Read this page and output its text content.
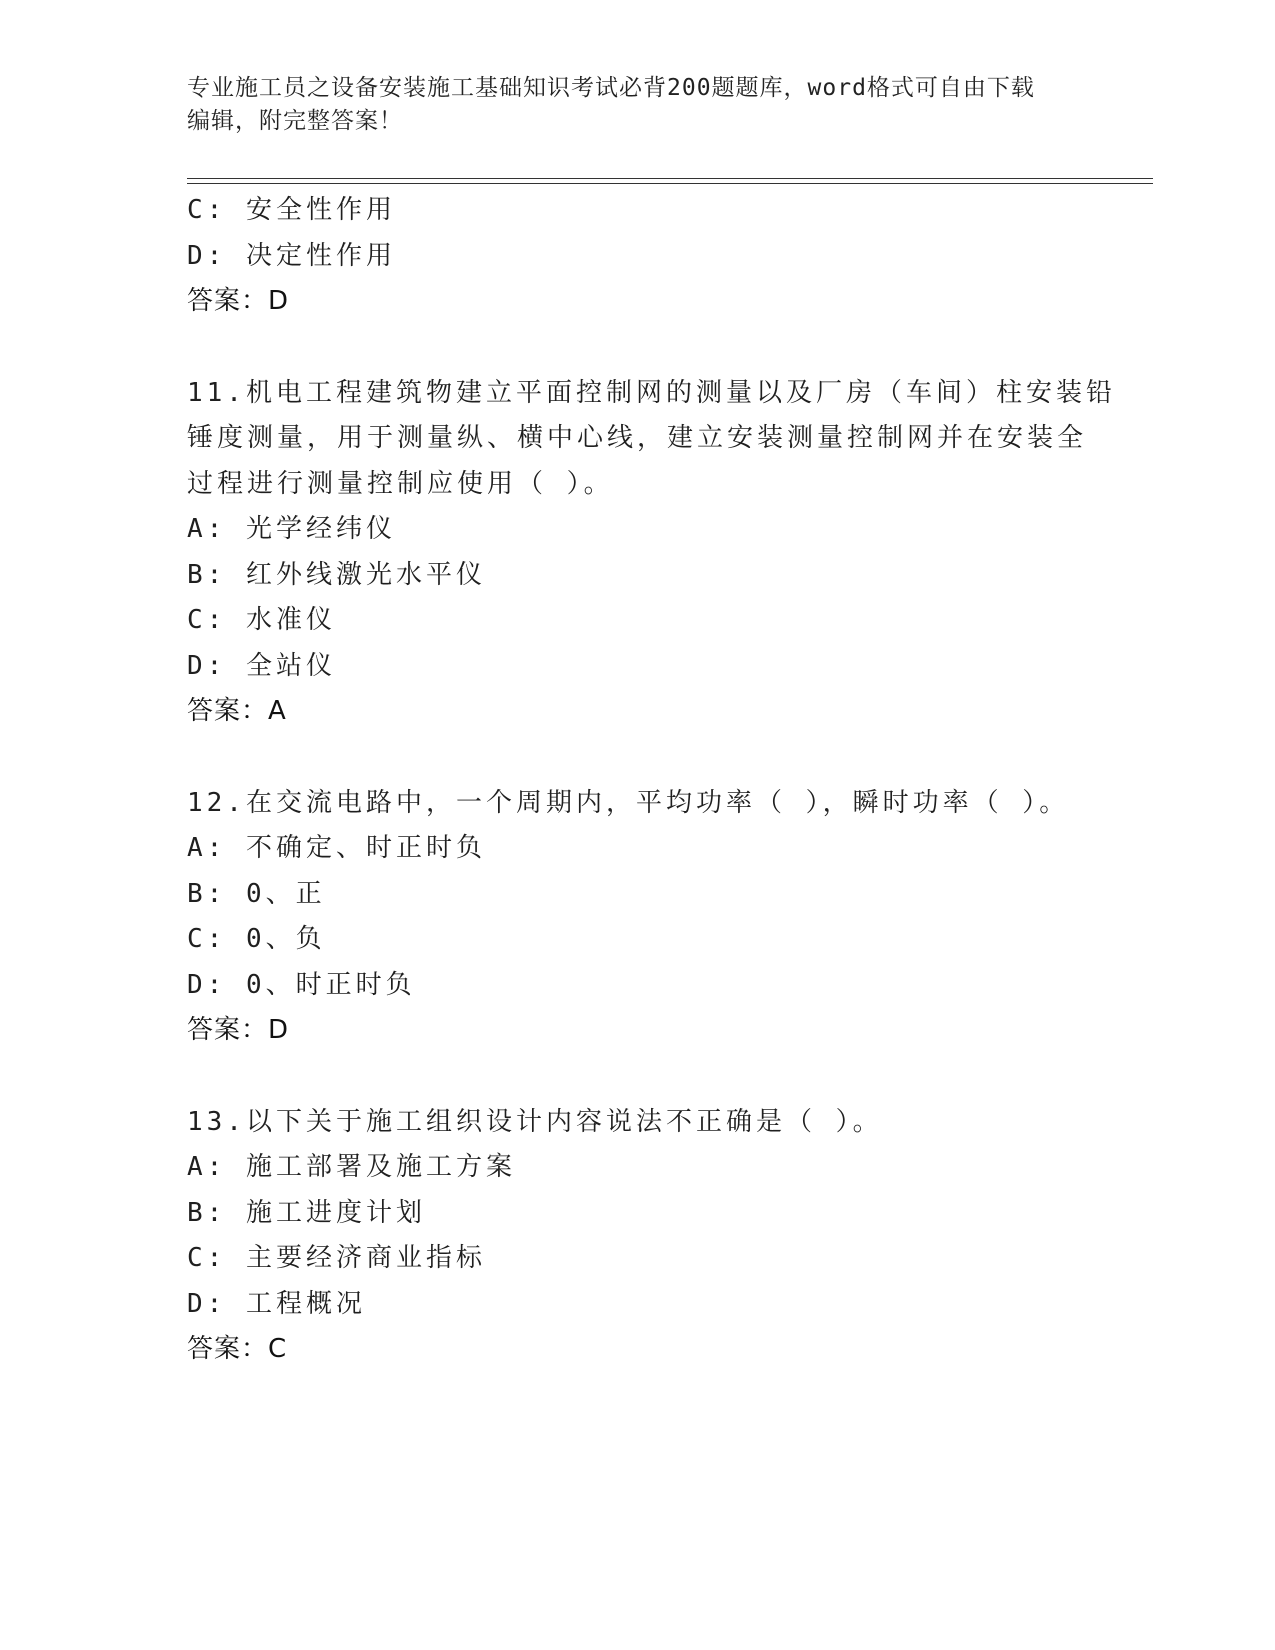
专业施工员之设备安装施工基础知识考试必背200题题库，word格式可自由下载
编辑，附完整答案！
C: 安全性作用
D: 决定性作用
答案：D
11.机电工程建筑物建立平面控制网的测量以及厂房（车间）柱安装铅
锤度测量，用于测量纵、横中心线，建立安装测量控制网并在安装全
过程进行测量控制应使用（ ）。
A: 光学经纬仪
B: 红外线激光水平仪
C: 水准仪
D: 全站仪
答案：A
12.在交流电路中，一个周期内，平均功率（ ），瞬时功率（ ）。
A: 不确定、时正时负
B: 0、正
C: 0、负
D: 0、时正时负
答案：D
13.以下关于施工组织设计内容说法不正确是（ ）。
A: 施工部署及施工方案
B: 施工进度计划
C: 主要经济商业指标
D: 工程概况
答案：C
